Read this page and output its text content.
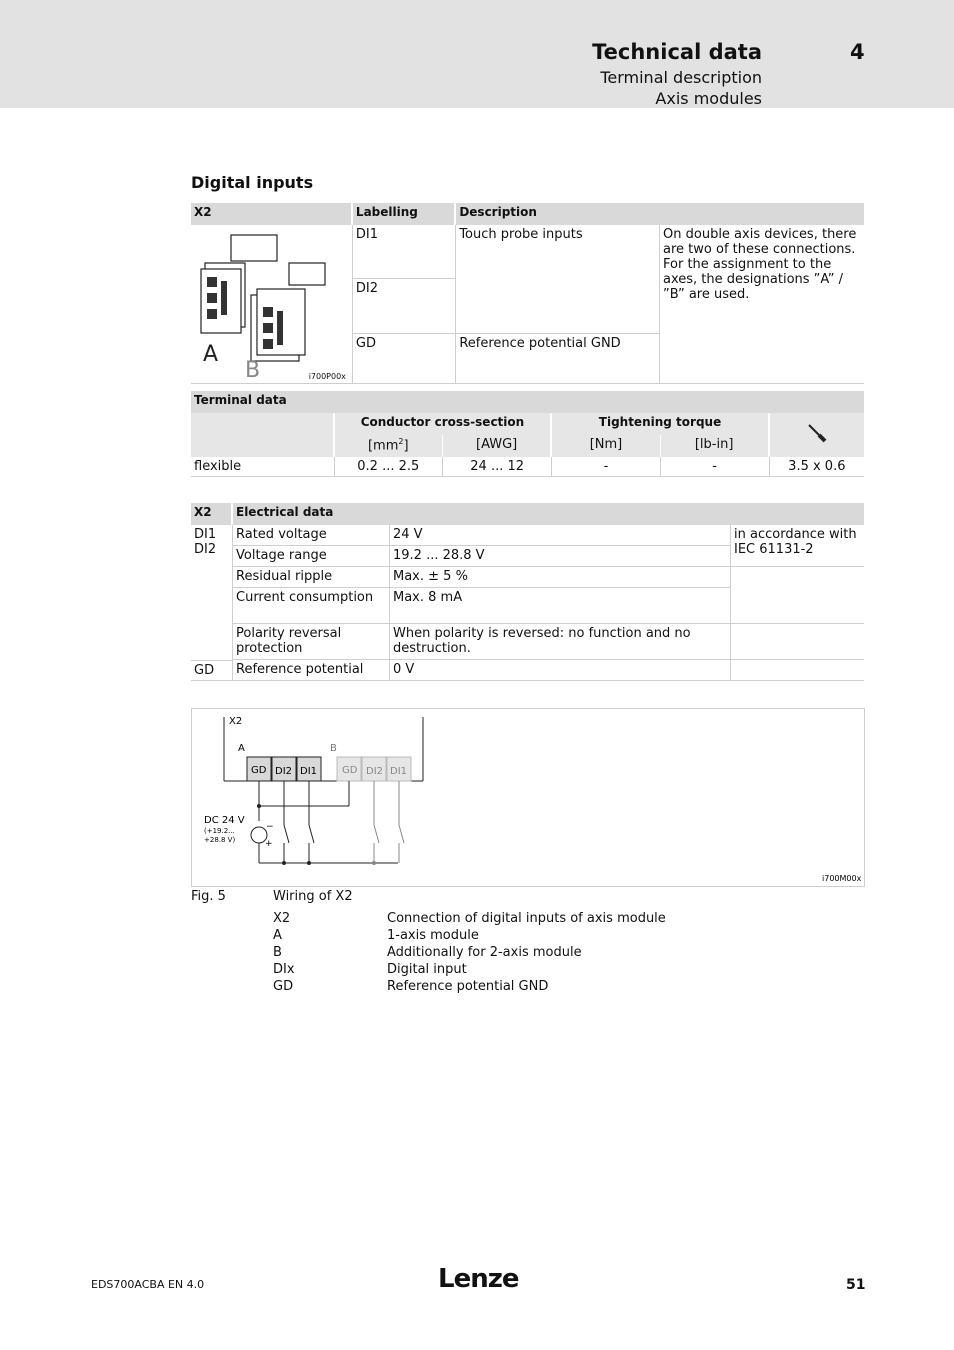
Technical data	4
Terminal description
Axis modules
Digital inputs
X2	Labelling	Description	

A
B i700P00x	DI1	Touch probe inputs	On double axis devices, there are two of these connections. For the assignment to the axes, the designations ”A” / ”B” are used.
	DI2		
	GD	Reference potential GND	
Terminal data					
	Conductor cross-section		Tightening torque	
	$[mm^2]$	[AWG]	[Nm]	[lb-in]	
flexible	0.2 ... 2.5	24 ... 12	-	-	3.5 x 0.6
X2	Electrical data		
DI1
DI2	Rated voltage	24 V	in accordance with IEC 61131-2
	Voltage range	19.2 ... 28.8 V	
	Residual ripple	Max. ± 5 %	
	Current consumption	Max. 8 mA	
	Polarity reversal protection	When polarity is reversed: no function and no destruction.	
GD	Reference potential	0 V	
X2
A	B
GD DI2 DI1 GD DI2 DI1
DC 24 V
(+19.2...
+28.8 V)
−
+
i700M00x
Fig. 5	Wiring of X2
X2	Connection of digital inputs of axis module
A	1-axis module
B	Additionally for 2-axis module
DIx	Digital input
GD	Reference potential GND
EDS700ACBA EN 4.0	Lenze	51
